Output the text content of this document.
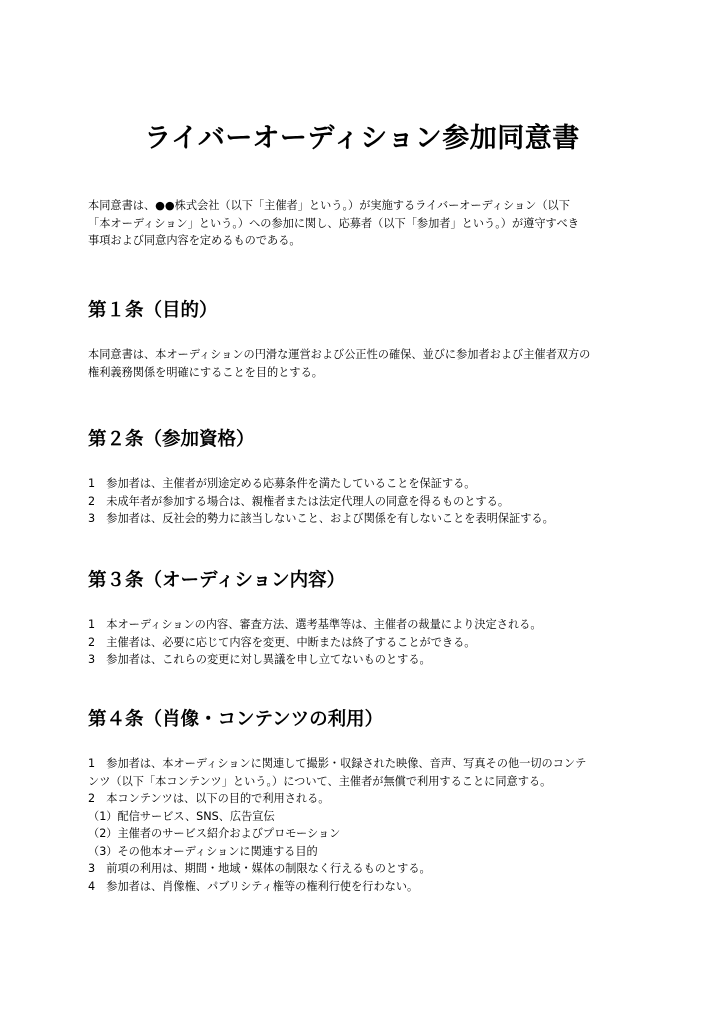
ライバーオーディション参加同意書
本同意書は、●●株式会社（以下「主催者」という。）が実施するライバーオーディション（以下
「本オーディション」という。）への参加に関し、応募者（以下「参加者」という。）が遵守すべき
事項および同意内容を定めるものである。
第１条（目的）
本同意書は、本オーディションの円滑な運営および公正性の確保、並びに参加者および主催者双方の
権利義務関係を明確にすることを目的とする。
第２条（参加資格）
1　参加者は、主催者が別途定める応募条件を満たしていることを保証する。
2　未成年者が参加する場合は、親権者または法定代理人の同意を得るものとする。
3　参加者は、反社会的勢力に該当しないこと、および関係を有しないことを表明保証する。
第３条（オーディション内容）
1　本オーディションの内容、審査方法、選考基準等は、主催者の裁量により決定される。
2　主催者は、必要に応じて内容を変更、中断または終了することができる。
3　参加者は、これらの変更に対し異議を申し立てないものとする。
第４条（肖像・コンテンツの利用）
1　参加者は、本オーディションに関連して撮影・収録された映像、音声、写真その他一切のコンテ
ンツ（以下「本コンテンツ」という。）について、主催者が無償で利用することに同意する。
2　本コンテンツは、以下の目的で利用される。
（1）配信サービス、SNS、広告宣伝
（2）主催者のサービス紹介およびプロモーション
（3）その他本オーディションに関連する目的
3　前項の利用は、期間・地域・媒体の制限なく行えるものとする。
4　参加者は、肖像権、パブリシティ権等の権利行使を行わない。
